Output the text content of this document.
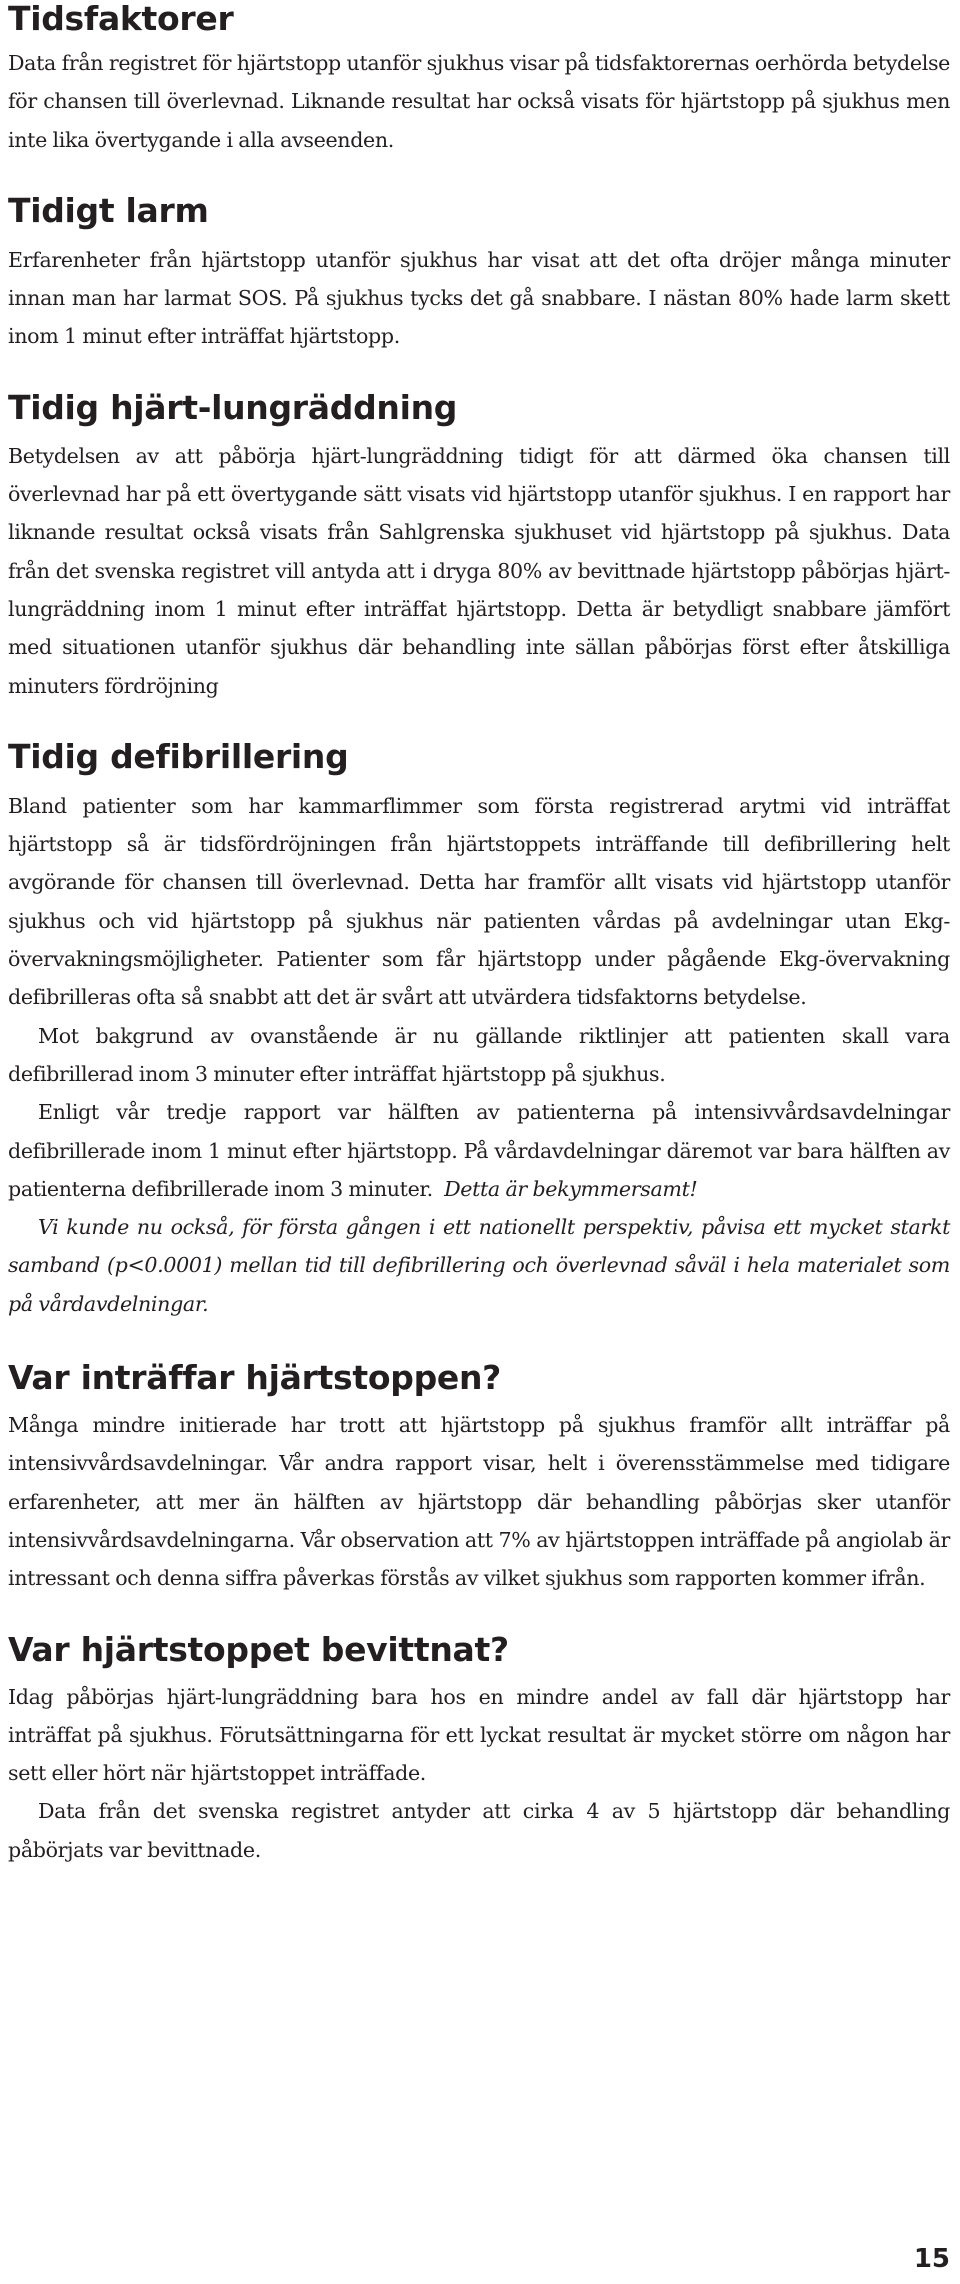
Tidsfaktorer

Data från registret för hjärtstopp utanför sjukhus visar på tidsfaktorernas oerhörda betydelse för chansen till överlevnad. Liknande resultat har också visats för hjärtstopp på sjukhus men inte lika övertygande i alla avseenden.

Tidigt larm

Erfarenheter från hjärtstopp utanför sjukhus har visat att det ofta dröjer många minuter innan man har larmat SOS. På sjukhus tycks det gå snabbare. I nästan 80% hade larm skett inom 1 minut efter inträffat hjärtstopp.

Tidig hjärt-lungräddning

Betydelsen av att påbörja hjärt-lungräddning tidigt för att därmed öka chansen till överlevnad har på ett övertygande sätt visats vid hjärtstopp utanför sjukhus. I en rapport har liknande resultat också visats från Sahlgrenska sjukhuset vid hjärtstopp på sjukhus. Data från det svenska registret vill antyda att i dryga 80% av bevittnade hjärtstopp påbörjas hjärt-lungräddning inom 1 minut efter inträffat hjärtstopp. Detta är betydligt snabbare jämfört med situationen utanför sjukhus där behandling inte sällan påbörjas först efter åtskilliga minuters fördröjning

Tidig defibrillering

Bland patienter som har kammarflimmer som första registrerad arytmi vid inträffat hjärtstopp så är tidsfördröjningen från hjärtstoppets inträffande till defibrillering helt avgörande för chansen till överlevnad. Detta har framför allt visats vid hjärtstopp utanför sjukhus och vid hjärtstopp på sjukhus när patienten vårdas på avdelningar utan Ekg-övervakningsmöjligheter. Patienter som får hjärtstopp under pågående Ekg-övervakning defibrilleras ofta så snabbt att det är svårt att utvärdera tidsfaktorns betydelse.

Mot bakgrund av ovanstående är nu gällande riktlinjer att patienten skall vara defibrillerad inom 3 minuter efter inträffat hjärtstopp på sjukhus.

Enligt vår tredje rapport var hälften av patienterna på intensivvårdsavdelningar defibrillerade inom 1 minut efter hjärtstopp. På vårdavdelningar däremot var bara hälften av patienterna defibrillerade inom 3 minuter. Detta är bekymmersamt!

Vi kunde nu också, för första gången i ett nationellt perspektiv, påvisa ett mycket starkt samband (p<0.0001) mellan tid till defibrillering och överlevnad såväl i hela materialet som på vårdavdelningar.

Var inträffar hjärtstoppen?

Många mindre initierade har trott att hjärtstopp på sjukhus framför allt inträffar på intensivvårdsavdelningar. Vår andra rapport visar, helt i överensstämmelse med tidigare erfarenheter, att mer än hälften av hjärtstopp där behandling påbörjas sker utanför intensivvårdsavdelningarna. Vår observation att 7% av hjärtstoppen inträffade på angiolab är intressant och denna siffra påverkas förstås av vilket sjukhus som rapporten kommer ifrån.

Var hjärtstoppet bevittnat?

Idag påbörjas hjärt-lungräddning bara hos en mindre andel av fall där hjärtstopp har inträffat på sjukhus. Förutsättningarna för ett lyckat resultat är mycket större om någon har sett eller hört när hjärtstoppet inträffade.

Data från det svenska registret antyder att cirka 4 av 5 hjärtstopp där behandling påbörjats var bevittnade.

15
